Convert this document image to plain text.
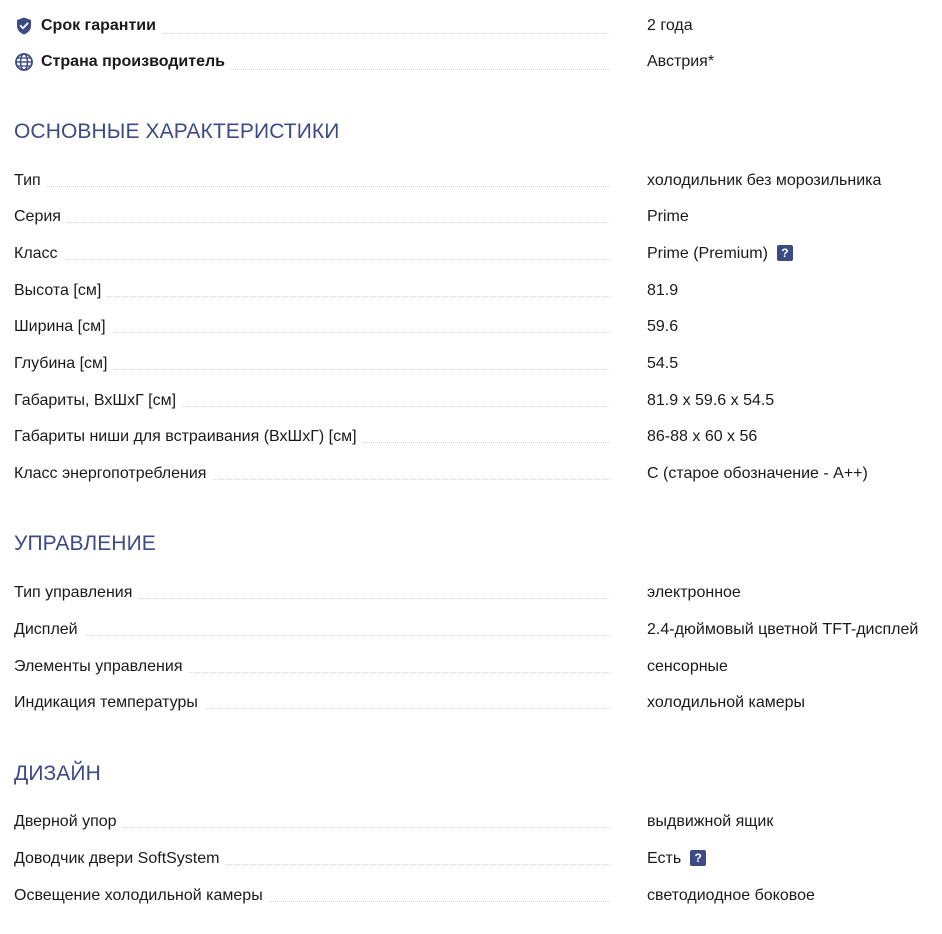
Срок гарантии	2 года
Страна производитель	Австрия*
ОСНОВНЫЕ ХАРАКТЕРИСТИКИ
Тип	холодильник без морозильника
Серия	Prime
Класс	Prime (Premium) ?
Высота [см]	81.9
Ширина [см]	59.6
Глубина [см]	54.5
Габариты, ВхШхГ [см]	81.9 x 59.6 x 54.5
Габариты ниши для встраивания (ВхШхГ) [см]	86-88 x 60 x 56
Класс энергопотребления	C (старое обозначение - A++)
УПРАВЛЕНИЕ
Тип управления	электронное
Дисплей	2.4-дюймовый цветной TFT-дисплей
Элементы управления	сенсорные
Индикация температуры	холодильной камеры
ДИЗАЙН
Дверной упор	выдвижной ящик
Доводчик двери SoftSystem	Есть ?
Освещение холодильной камеры	светодиодное боковое
